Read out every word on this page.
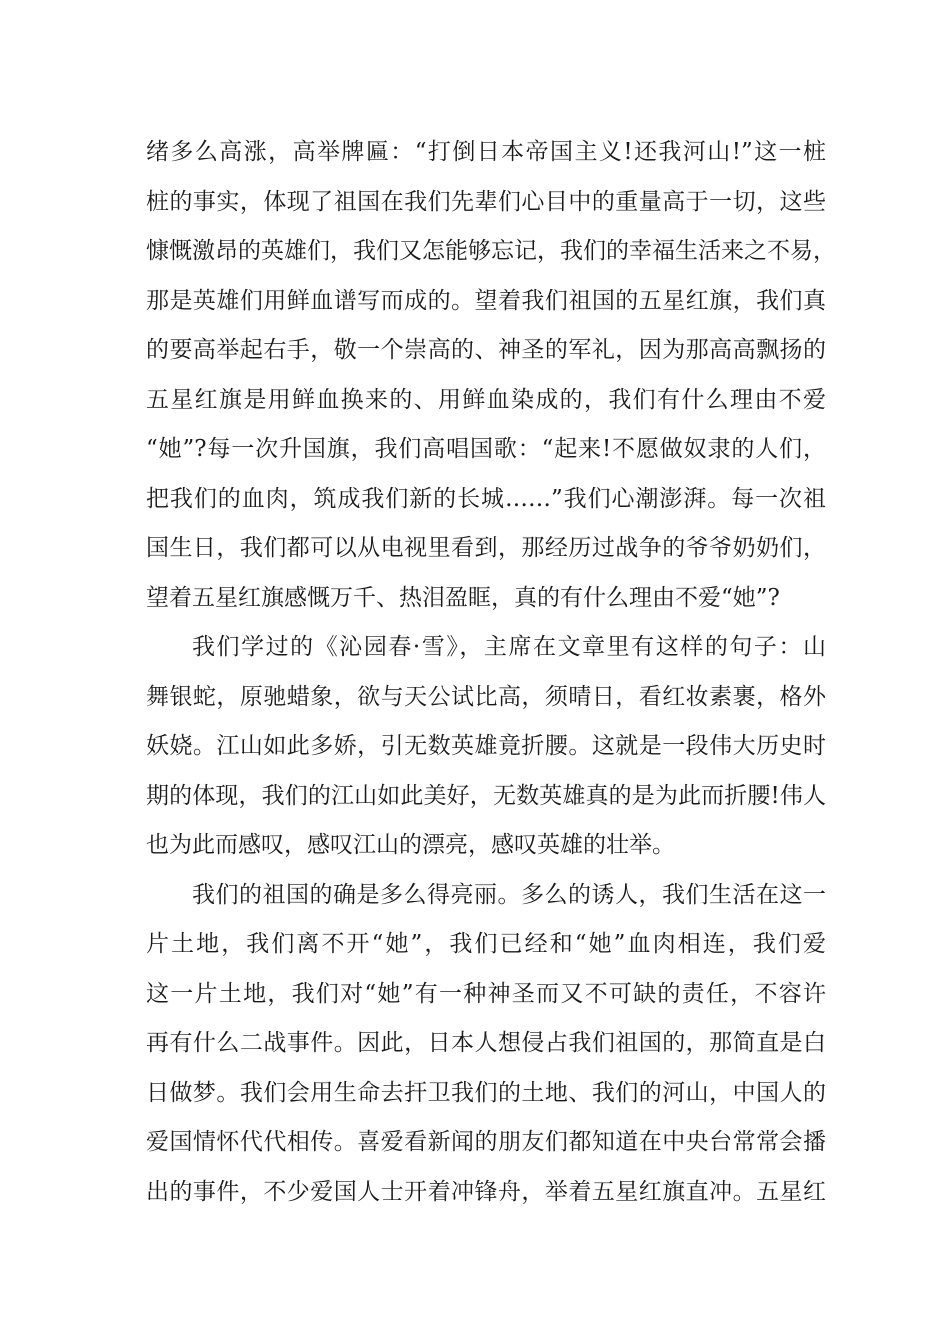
绪多么高涨，高举牌匾：“打倒日本帝国主义!还我河山!”这一桩
桩的事实，体现了祖国在我们先辈们心目中的重量高于一切，这些
慷慨激昂的英雄们，我们又怎能够忘记，我们的幸福生活来之不易，
那是英雄们用鲜血谱写而成的。望着我们祖国的五星红旗，我们真
的要高举起右手，敬一个崇高的、神圣的军礼，因为那高高飘扬的
五星红旗是用鲜血换来的、用鲜血染成的，我们有什么理由不爱
“她”?每一次升国旗，我们高唱国歌：“起来!不愿做奴隶的人们，
把我们的血肉，筑成我们新的长城……”我们心潮澎湃。每一次祖
国生日，我们都可以从电视里看到，那经历过战争的爷爷奶奶们，
望着五星红旗感慨万千、热泪盈眶，真的有什么理由不爱“她”?
我们学过的《沁园春·雪》，主席在文章里有这样的句子：山
舞银蛇，原驰蜡象，欲与天公试比高，须晴日，看红妆素裹，格外
妖娆。江山如此多娇，引无数英雄竟折腰。这就是一段伟大历史时
期的体现，我们的江山如此美好，无数英雄真的是为此而折腰!伟人
也为此而感叹，感叹江山的漂亮，感叹英雄的壮举。
我们的祖国的确是多么得亮丽。多么的诱人，我们生活在这一
片土地，我们离不开“她”，我们已经和“她”血肉相连，我们爱
这一片土地，我们对“她”有一种神圣而又不可缺的责任，不容许
再有什么二战事件。因此，日本人想侵占我们祖国的，那简直是白
日做梦。我们会用生命去扞卫我们的土地、我们的河山，中国人的
爱国情怀代代相传。喜爱看新闻的朋友们都知道在中央台常常会播
出的事件，不少爱国人士开着冲锋舟，举着五星红旗直冲。五星红
